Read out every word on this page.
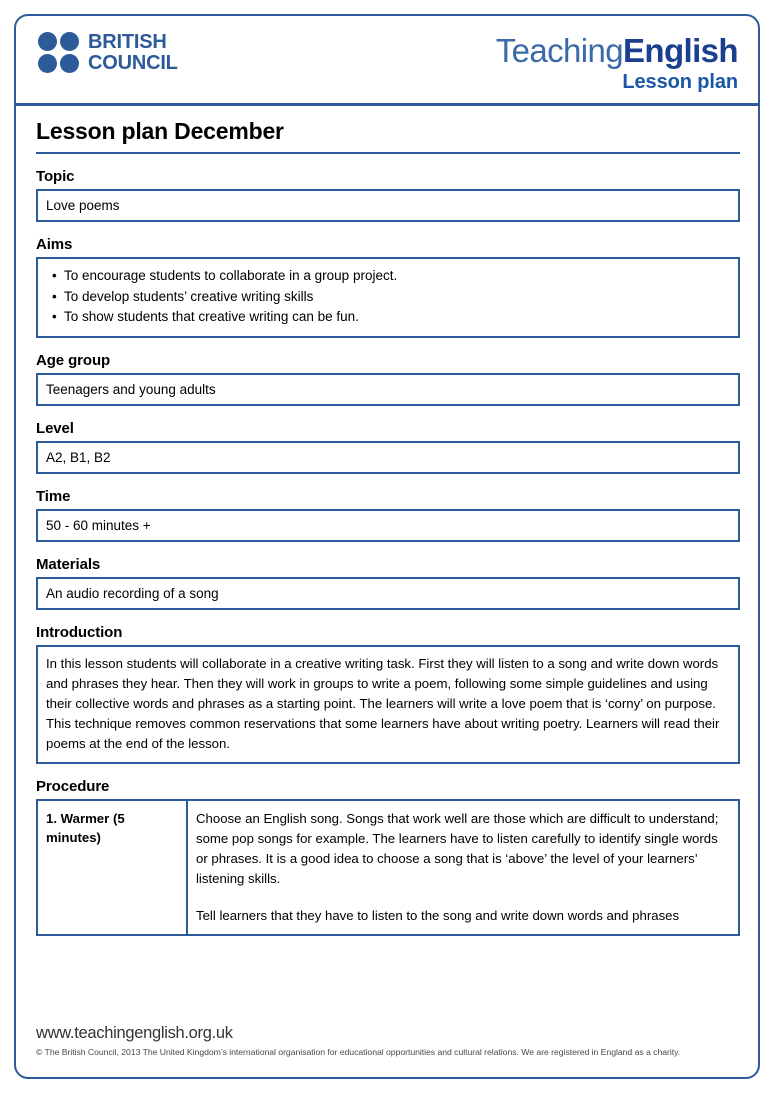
BRITISH
COUNCIL	TeachingEnglish
Lesson plan
Lesson plan December
Topic
Love poems
Aims
• To encourage students to collaborate in a group project.
• To develop students’ creative writing skills
• To show students that creative writing can be fun.
Age group
Teenagers and young adults
Level
A2, B1, B2
Time
50 - 60 minutes +
Materials
An audio recording of a song
Introduction

In this lesson students will collaborate in a creative writing task. First they will listen to a song and write down words and phrases they hear. Then they will work in groups to write a poem, following some simple guidelines and using their collective words and phrases as a starting point. The learners will write a love poem that is ‘corny’ on purpose. This technique removes common reservations that some learners have about writing poetry. Learners will read their poems at the end of the lesson.

Procedure
1. Warmer (5 minutes)	

Choose an English song. Songs that work well are those which are difficult to understand; some pop songs for example. The learners have to listen carefully to identify single words or phrases. It is a good idea to choose a song that is ‘above’ the level of your learners’ listening skills.

Tell learners that they have to listen to the song and write down words and phrases

www.teachingenglish.org.uk
© The British Council, 2013 The United Kingdom’s international organisation for educational opportunities and cultural relations. We are registered in England as a charity.
